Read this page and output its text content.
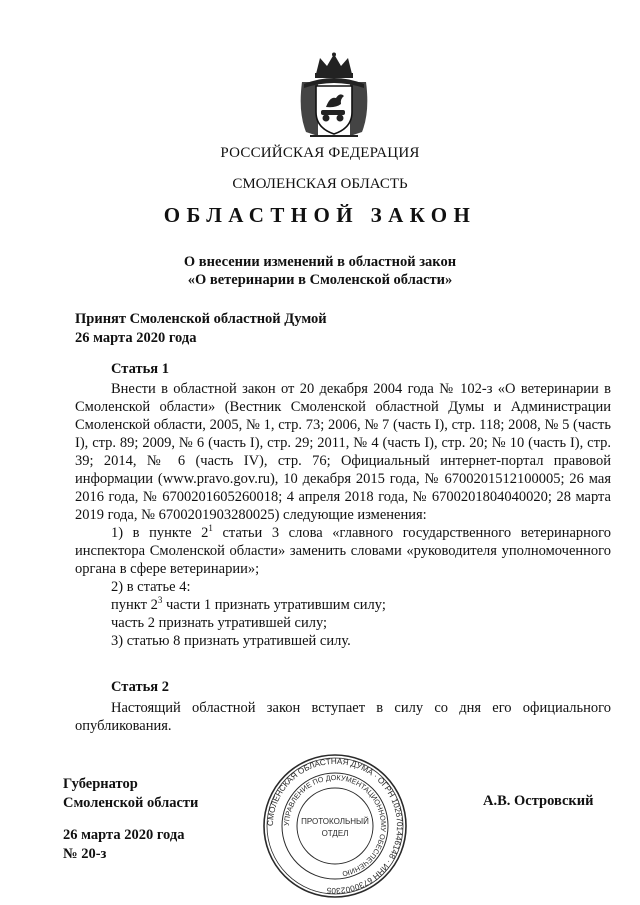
РОССИЙСКАЯ ФЕДЕРАЦИЯ
СМОЛЕНСКАЯ ОБЛАСТЬ
ОБЛАСТНОЙ ЗАКОН
О внесении изменений в областной закон
«О ветеринарии в Смоленской области»
Принят Смоленской областной Думой
26 марта 2020 года
Статья 1

Внести в областной закон от 20 декабря 2004 года № 102-з «О ветеринарии в Смоленской области» (Вестник Смоленской областной Думы и Администрации Смоленской области, 2005, № 1, стр. 73; 2006, № 7 (часть I), стр. 118; 2008, № 5 (часть I), стр. 89; 2009, № 6 (часть I), стр. 29; 2011, № 4 (часть I), стр. 20; № 10 (часть I), стр. 39; 2014, № 6 (часть IV), стр. 76; Официальный интернет-портал правовой информации (www.pravo.gov.ru), 10 декабря 2015 года, № 6700201512100005; 26 мая 2016 года, № 6700201605260018; 4 апреля 2018 года, № 6700201804040020; 28 марта 2019 года, № 6700201903280025) следующие изменения:

1) в пункте $2^1$ статьи 3 слова «главного государственного ветеринарного инспектора Смоленской области» заменить словами «руководителя уполномоченного органа в сфере ветеринарии»;

2) в статье 4:

пункт $2^3$ части 1 признать утратившим силу;

часть 2 признать утратившей силу;

3) статью 8 признать утратившей силу.

Статья 2

Настоящий областной закон вступает в силу со дня его официального опубликования.

Губернатор
Смоленской области	А.В. Островский
26 марта 2020 года
№ 20-з
СМОЛЕНСКАЯ ОБЛАСТНАЯ ДУМА · ОГРН 1026701446148 · ИНН 6730002305
УПРАВЛЕНИЕ ПО ДОКУМЕНТАЦИОННОМУ ОБЕСПЕЧЕНИЮ
ПРОТОКОЛЬНЫЙ
ОТДЕЛ
